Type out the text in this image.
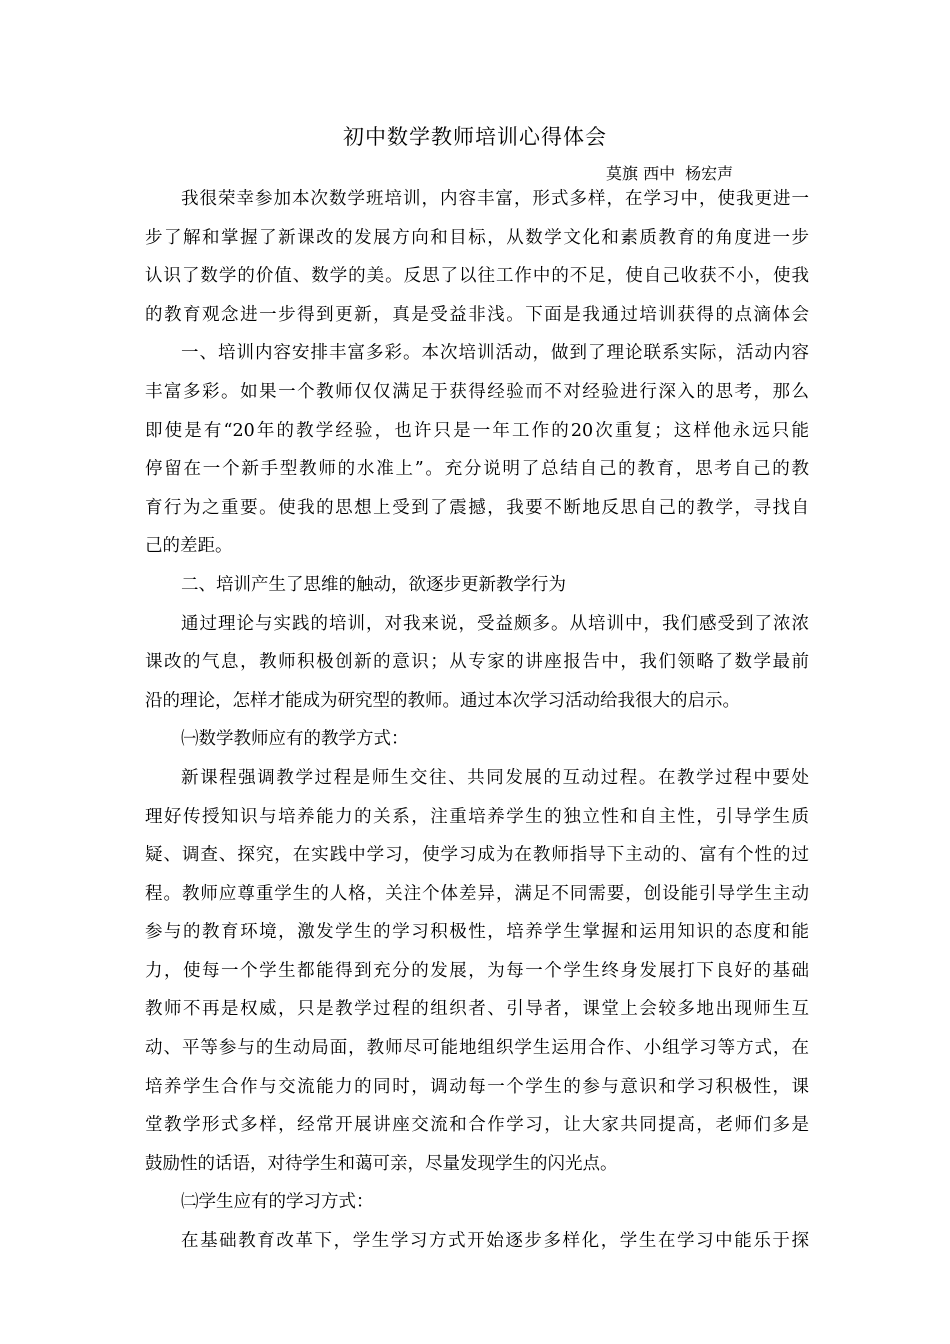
初中数学教师培训心得体会
莫旗 西中 杨宏声
我很荣幸参加本次数学班培训，内容丰富，形式多样，在学习中，使我更进一
步了解和掌握了新课改的发展方向和目标，从数学文化和素质教育的角度进一步
认识了数学的价值、数学的美。反思了以往工作中的不足，使自己收获不小，使我
的教育观念进一步得到更新，真是受益非浅。下面是我通过培训获得的点滴体会
一、培训内容安排丰富多彩。本次培训活动，做到了理论联系实际，活动内容
丰富多彩。如果一个教师仅仅满足于获得经验而不对经验进行深入的思考，那么
即使是有“20年的教学经验，也许只是一年工作的20次重复；这样他永远只能
停留在一个新手型教师的水准上”。充分说明了总结自己的教育，思考自己的教
育行为之重要。使我的思想上受到了震撼，我要不断地反思自己的教学，寻找自
己的差距。
二、培训产生了思维的触动，欲逐步更新教学行为
通过理论与实践的培训，对我来说，受益颇多。从培训中，我们感受到了浓浓
课改的气息，教师积极创新的意识；从专家的讲座报告中，我们领略了数学最前
沿的理论，怎样才能成为研究型的教师。通过本次学习活动给我很大的启示。
㈠数学教师应有的教学方式：
新课程强调教学过程是师生交往、共同发展的互动过程。在教学过程中要处
理好传授知识与培养能力的关系，注重培养学生的独立性和自主性，引导学生质
疑、调查、探究，在实践中学习，使学习成为在教师指导下主动的、富有个性的过
程。教师应尊重学生的人格，关注个体差异，满足不同需要，创设能引导学生主动
参与的教育环境，激发学生的学习积极性，培养学生掌握和运用知识的态度和能
力，使每一个学生都能得到充分的发展，为每一个学生终身发展打下良好的基础
教师不再是权威，只是教学过程的组织者、引导者，课堂上会较多地出现师生互
动、平等参与的生动局面，教师尽可能地组织学生运用合作、小组学习等方式，在
培养学生合作与交流能力的同时，调动每一个学生的参与意识和学习积极性，课
堂教学形式多样，经常开展讲座交流和合作学习，让大家共同提高，老师们多是
鼓励性的话语，对待学生和蔼可亲，尽量发现学生的闪光点。
㈡学生应有的学习方式：
在基础教育改革下，学生学习方式开始逐步多样化，学生在学习中能乐于探
